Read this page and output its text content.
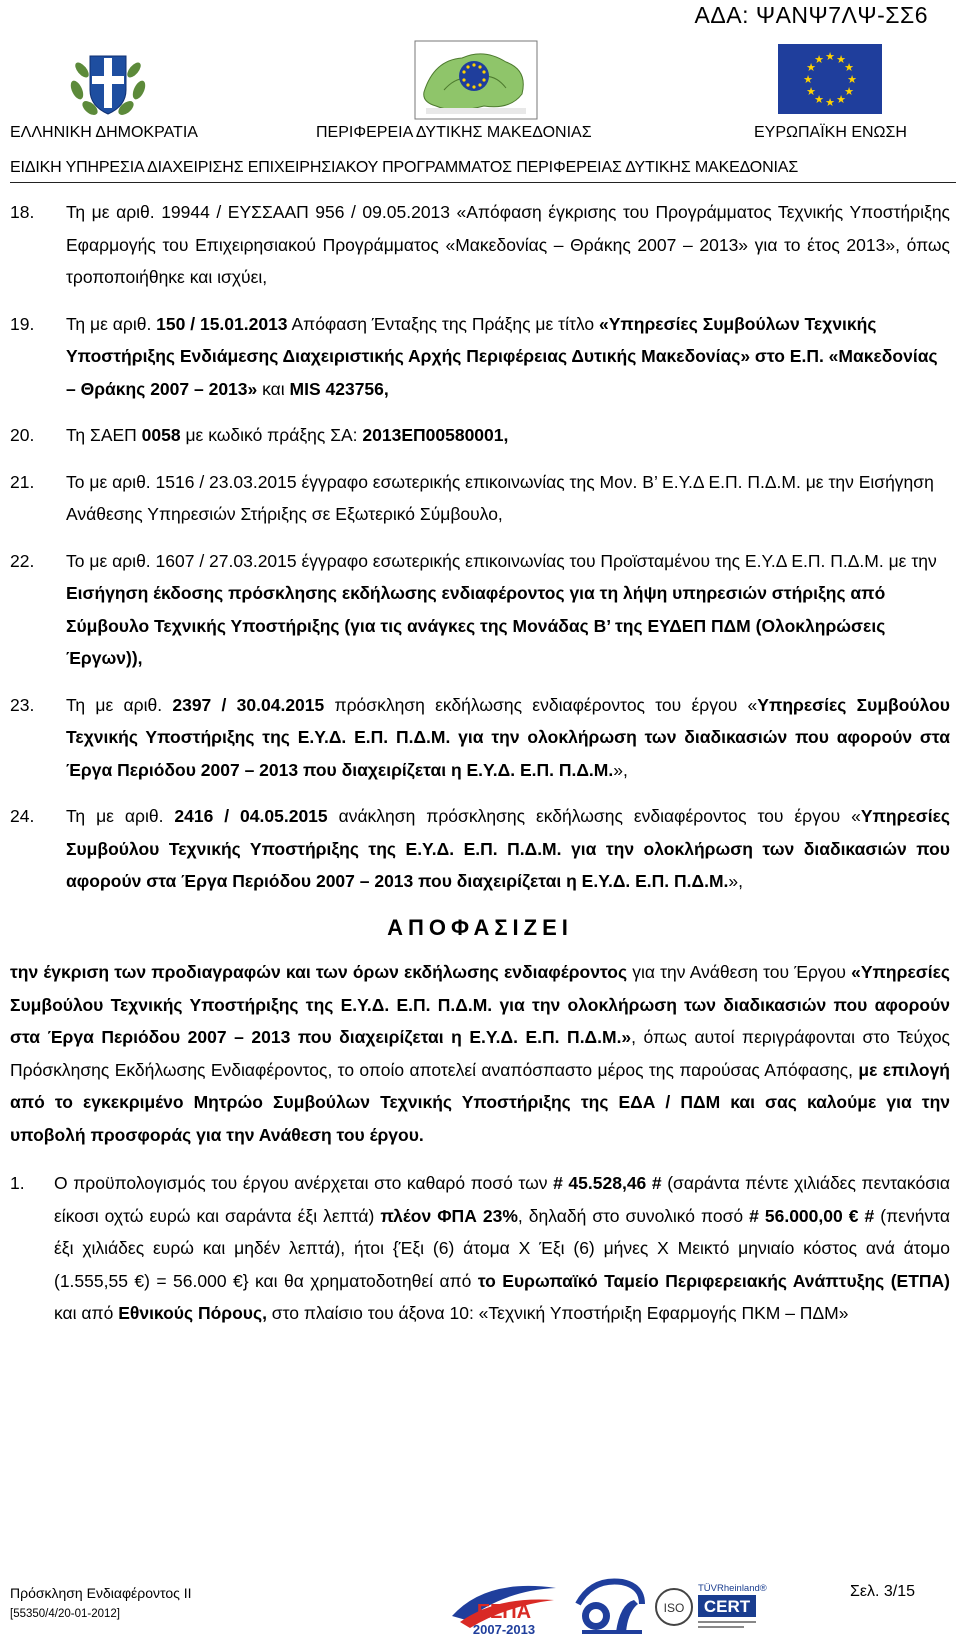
ΑΔΑ: ΨΑΝΨ7ΛΨ-ΣΣ6
ΕΛΛΗΝΙΚΗ ΔΗΜΟΚΡΑΤΙΑ	ΠΕΡΙΦΕΡΕΙΑ ΔΥΤΙΚΗΣ ΜΑΚΕΔΟΝΙΑΣ
★ ★
★
★
★
★
★
★
★
★
★
★
ΕΥΡΩΠΑΪΚΗ ΕΝΩΣΗ
ΕΙΔΙΚΗ ΥΠΗΡΕΣΙΑ ΔΙΑΧΕΙΡΙΣΗΣ ΕΠΙΧΕΙΡΗΣΙΑΚΟΥ ΠΡΟΓΡΑΜΜΑΤΟΣ ΠΕΡΙΦΕΡΕΙΑΣ ΔΥΤΙΚΗΣ ΜΑΚΕΔΟΝΙΑΣ
18.	Τη με αριθ. 19944 / ΕΥΣΣΑΑΠ 956 / 09.05.2013 «Απόφαση έγκρισης του Προγράμματος Τεχνικής Υποστήριξης Εφαρμογής του Επιχειρησιακού Προγράμματος «Μακεδονίας – Θράκης 2007 – 2013» για το έτος 2013», όπως τροποποιήθηκε και ισχύει,
19.	Τη με αριθ. 150 / 15.01.2013 Απόφαση Ένταξης της Πράξης με τίτλο «Υπηρεσίες Συμβούλων Τεχνικής Υποστήριξης Ενδιάμεσης Διαχειριστικής Αρχής Περιφέρειας Δυτικής Μακεδονίας» στο Ε.Π. «Μακεδονίας – Θράκης 2007 – 2013» και MIS 423756,
20.	Τη ΣΑΕΠ 0058 με κωδικό πράξης ΣΑ: 2013ΕΠ00580001,
21.	Το με αριθ. 1516 / 23.03.2015 έγγραφο εσωτερικής επικοινωνίας της Μον. Β’ Ε.Υ.Δ Ε.Π. Π.Δ.Μ. με την Εισήγηση Ανάθεσης Υπηρεσιών Στήριξης σε Εξωτερικό Σύμβουλο,
22.	Το με αριθ. 1607 / 27.03.2015 έγγραφο εσωτερικής επικοινωνίας του Προϊσταμένου της Ε.Υ.Δ Ε.Π. Π.Δ.Μ. με την Εισήγηση έκδοσης πρόσκλησης εκδήλωσης ενδιαφέροντος για τη λήψη υπηρεσιών στήριξης από Σύμβουλο Τεχνικής Υποστήριξης (για τις ανάγκες της Μονάδας Β’ της ΕΥΔΕΠ ΠΔΜ (Ολοκληρώσεις Έργων)),
23.	Τη με αριθ. 2397 / 30.04.2015 πρόσκληση εκδήλωσης ενδιαφέροντος του έργου «Υπηρεσίες Συμβούλου Τεχνικής Υποστήριξης της Ε.Υ.Δ. Ε.Π. Π.Δ.Μ. για την ολοκλήρωση των διαδικασιών που αφορούν στα Έργα Περιόδου 2007 – 2013 που διαχειρίζεται η Ε.Υ.Δ. Ε.Π. Π.Δ.Μ.»,
24.	Τη με αριθ. 2416 / 04.05.2015 ανάκληση πρόσκλησης εκδήλωσης ενδιαφέροντος του έργου «Υπηρεσίες Συμβούλου Τεχνικής Υποστήριξης της Ε.Υ.Δ. Ε.Π. Π.Δ.Μ. για την ολοκλήρωση των διαδικασιών που αφορούν στα Έργα Περιόδου 2007 – 2013 που διαχειρίζεται η Ε.Υ.Δ. Ε.Π. Π.Δ.Μ.»,
ΑΠΟΦΑΣΙΖΕΙ
την έγκριση των προδιαγραφών και των όρων εκδήλωσης ενδιαφέροντος για την Ανάθεση του Έργου «Υπηρεσίες Συμβούλου Τεχνικής Υποστήριξης της Ε.Υ.Δ. Ε.Π. Π.Δ.Μ. για την ολοκλήρωση των διαδικασιών που αφορούν στα Έργα Περιόδου 2007 – 2013 που διαχειρίζεται η Ε.Υ.Δ. Ε.Π. Π.Δ.Μ.», όπως αυτοί περιγράφονται στο Τεύχος Πρόσκλησης Εκδήλωσης Ενδιαφέροντος, το οποίο αποτελεί αναπόσπαστο μέρος της παρούσας Απόφασης, με επιλογή από το εγκεκριμένο Μητρώο Συμβούλων Τεχνικής Υποστήριξης της ΕΔΑ / ΠΔΜ και σας καλούμε για την υποβολή προσφοράς για την Ανάθεση του έργου.
1.	Ο προϋπολογισμός του έργου ανέρχεται στο καθαρό ποσό των # 45.528,46 # (σαράντα πέντε χιλιάδες πεντακόσια είκοσι οχτώ ευρώ και σαράντα έξι λεπτά) πλέον ΦΠΑ 23%, δηλαδή στο συνολικό ποσό # 56.000,00 € # (πενήντα έξι χιλιάδες ευρώ και μηδέν λεπτά), ήτοι {Έξι (6) άτομα Χ Έξι (6) μήνες Χ Μεικτό μηνιαίο κόστος ανά άτομο (1.555,55 €) = 56.000 €} και θα χρηματοδοτηθεί από το Ευρωπαϊκό Ταμείο Περιφερειακής Ανάπτυξης (ΕΤΠΑ) και από Εθνικούς Πόρους, στο πλαίσιο του άξονα 10: «Τεχνική Υποστήριξη Εφαρμογής ΠΚΜ – ΠΔΜ»
Πρόσκληση Ενδιαφέροντος ΙΙ
[55350/4/20-01-2012]	ΕΣΠΑ
2007-2013
ISO
TÜVRheinland®
CERT
Σελ. 3/15
